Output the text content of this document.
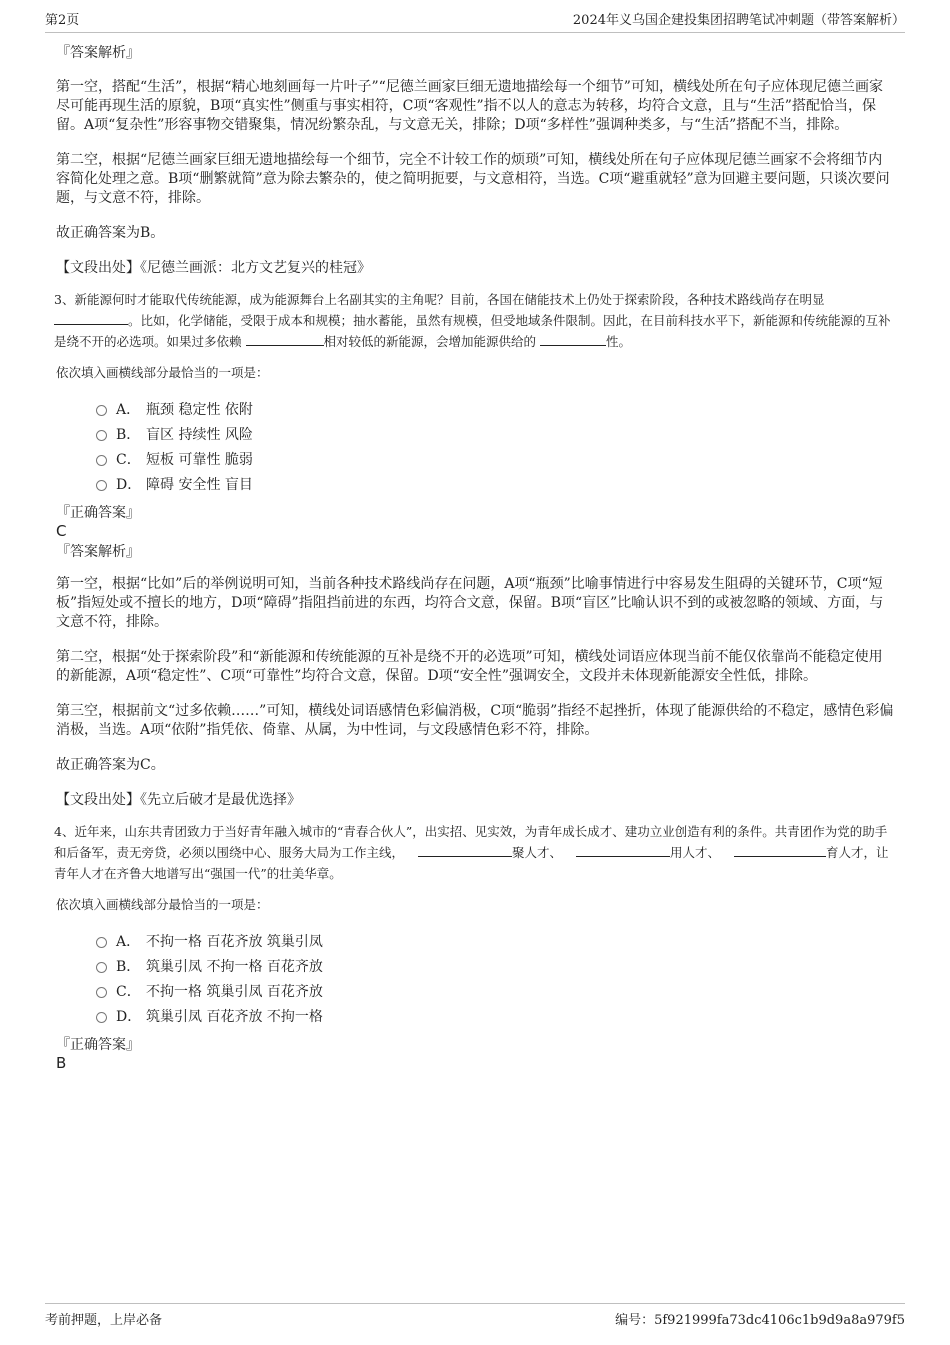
第2页	2024年义乌国企建投集团招聘笔试冲刺题（带答案解析）

『答案解析』

第一空，搭配“生活”，根据“精心地刻画每一片叶子”“尼德兰画家巨细无遗地描绘每一个细节”可知，横线处所在句子应体现尼德兰画家尽可能再现生活的原貌，B项“真实性”侧重与事实相符，C项“客观性”指不以人的意志为转移，均符合文意，且与“生活”搭配恰当，保留。A项“复杂性”形容事物交错聚集，情况纷繁杂乱，与文意无关，排除；D项“多样性”强调种类多，与“生活”搭配不当，排除。

第二空，根据“尼德兰画家巨细无遗地描绘每一个细节，完全不计较工作的烦琐”可知，横线处所在句子应体现尼德兰画家不会将细节内容简化处理之意。B项“删繁就简”意为除去繁杂的，使之简明扼要，与文意相符，当选。C项“避重就轻”意为回避主要问题，只谈次要问题，与文意不符，排除。

故正确答案为B。

【文段出处】《尼德兰画派：北方文艺复兴的桂冠》

3、新能源何时才能取代传统能源，成为能源舞台上名副其实的主角呢？目前，各国在储能技术上仍处于探索阶段，各种技术路线尚存在明显。比如，化学储能，受限于成本和规模；抽水蓄能，虽然有规模，但受地域条件限制。因此，在目前科技水平下，新能源和传统能源的互补是绕不开的必选项。如果过多依赖	相对较低的新能源，会增加能源供给的	性。

依次填入画横线部分最恰当的一项是：

A． 瓶颈 稳定性 依附
B． 盲区 持续性 风险
C． 短板 可靠性 脆弱
D． 障碍 安全性 盲目

『正确答案』

C

『答案解析』

第一空，根据“比如”后的举例说明可知，当前各种技术路线尚存在问题，A项“瓶颈”比喻事情进行中容易发生阻碍的关键环节，C项“短板”指短处或不擅长的地方，D项“障碍”指阻挡前进的东西，均符合文意，保留。B项“盲区”比喻认识不到的或被忽略的领域、方面，与文意不符，排除。

第二空，根据“处于探索阶段”和“新能源和传统能源的互补是绕不开的必选项”可知，横线处词语应体现当前不能仅依靠尚不能稳定使用的新能源，A项“稳定性”、C项“可靠性”均符合文意，保留。D项“安全性”强调安全，文段并未体现新能源安全性低，排除。

第三空，根据前文“过多依赖……”可知，横线处词语感情色彩偏消极，C项“脆弱”指经不起挫折，体现了能源供给的不稳定，感情色彩偏消极，当选。A项“依附”指凭依、倚靠、从属，为中性词，与文段感情色彩不符，排除。

故正确答案为C。

【文段出处】《先立后破才是最优选择》

4、近年来，山东共青团致力于当好青年融入城市的“青春合伙人”，出实招、见实效，为青年成长成才、建功立业创造有利的条件。共青团作为党的助手和后备军，责无旁贷，必须以围绕中心、服务大局为工作主线，	聚人才、	用人才、	育人才，让青年人才在齐鲁大地谱写出“强国一代”的壮美华章。

依次填入画横线部分最恰当的一项是：

A． 不拘一格 百花齐放 筑巢引凤
B． 筑巢引凤 不拘一格 百花齐放
C． 不拘一格 筑巢引凤 百花齐放
D． 筑巢引凤 百花齐放 不拘一格

『正确答案』

B

考前押题，上岸必备	编号：5f921999fa73dc4106c1b9d9a8a979f5
